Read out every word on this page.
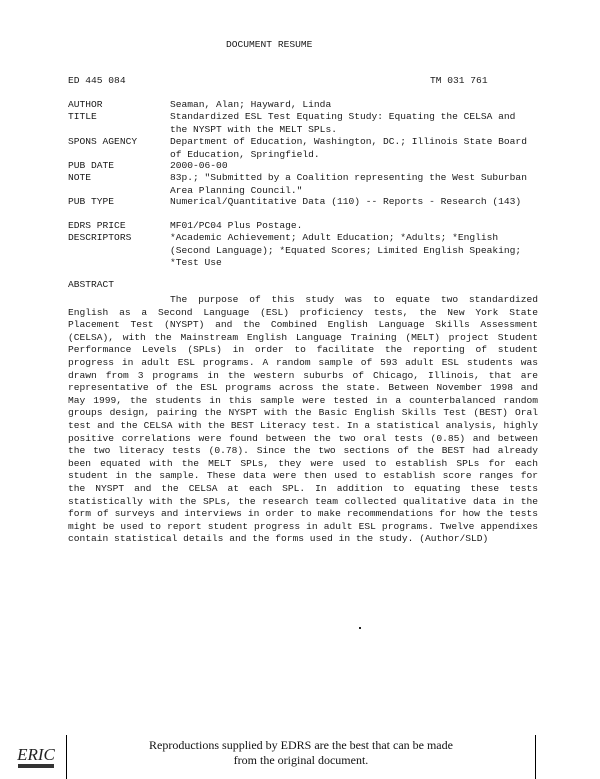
DOCUMENT RESUME
ED 445 084	TM 031 761
AUTHOR	Seaman, Alan; Hayward, Linda
TITLE	Standardized ESL Test Equating Study: Equating the CELSA and the NYSPT with the MELT SPLs.
SPONS AGENCY	Department of Education, Washington, DC.; Illinois State Board of Education, Springfield.
PUB DATE	2000-06-00
NOTE	83p.; "Submitted by a Coalition representing the West Suburban Area Planning Council."
PUB TYPE	Numerical/Quantitative Data (110) -- Reports - Research (143)
EDRS PRICE	MF01/PC04 Plus Postage.
DESCRIPTORS	*Academic Achievement; Adult Education; *Adults; *English (Second Language); *Equated Scores; Limited English Speaking; *Test Use
ABSTRACT
The purpose of this study was to equate two standardized English as a Second Language (ESL) proficiency tests, the New York State Placement Test (NYSPT) and the Combined English Language Skills Assessment (CELSA), with the Mainstream English Language Training (MELT) project Student Performance Levels (SPLs) in order to facilitate the reporting of student progress in adult ESL programs. A random sample of 593 adult ESL students was drawn from 3 programs in the western suburbs of Chicago, Illinois, that are representative of the ESL programs across the state. Between November 1998 and May 1999, the students in this sample were tested in a counterbalanced random groups design, pairing the NYSPT with the Basic English Skills Test (BEST) Oral test and the CELSA with the BEST Literacy test. In a statistical analysis, highly positive correlations were found between the two oral tests (0.85) and between the two literacy tests (0.78). Since the two sections of the BEST had already been equated with the MELT SPLs, they were used to establish SPLs for each student in the sample. These data were then used to establish score ranges for the NYSPT and the CELSA at each SPL. In addition to equating these tests statistically with the SPLs, the research team collected qualitative data in the form of surveys and interviews in order to make recommendations for how the tests might be used to report student progress in adult ESL programs. Twelve appendixes contain statistical details and the forms used in the study. (Author/SLD)
ERIC	Reproductions supplied by EDRS are the best that can be made
from the original document.
